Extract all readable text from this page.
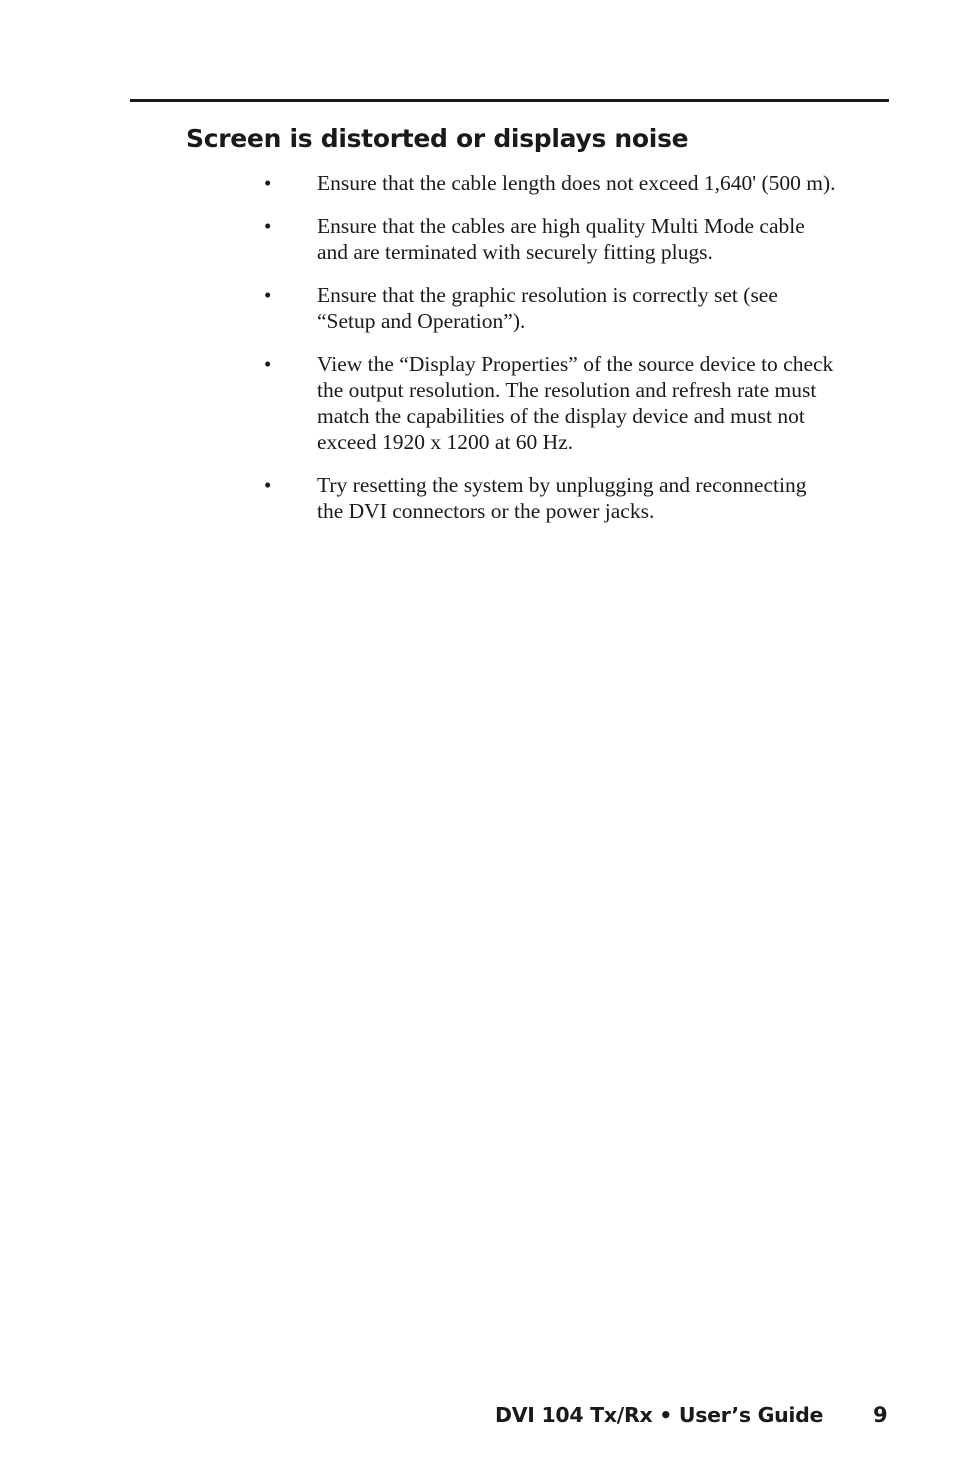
Screen is distorted or displays noise
• Ensure that the cable length does not exceed 1,640' (500 m).
• Ensure that the cables are high quality Multi Mode cable
and are terminated with securely fitting plugs.
• Ensure that the graphic resolution is correctly set (see
“Setup and Operation”).
• View the “Display Properties” of the source device to check
the output resolution. The resolution and refresh rate must
match the capabilities of the display device and must not
exceed 1920 x 1200 at 60 Hz.
• Try resetting the system by unplugging and reconnecting
the DVI connectors or the power jacks.
DVI 104 Tx/Rx • User’s Guide 9
